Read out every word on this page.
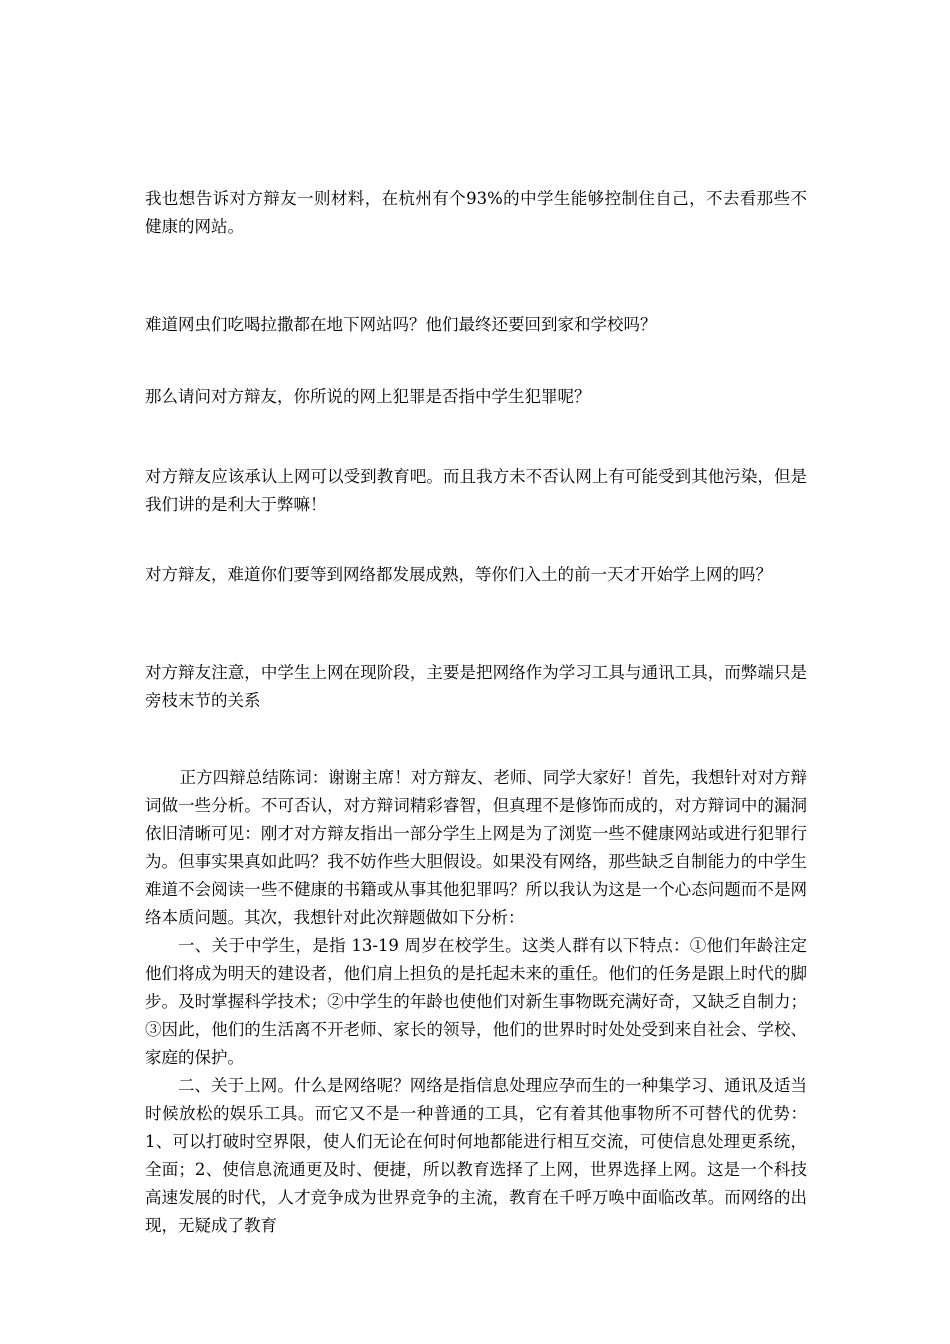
我也想告诉对方辩友一则材料，在杭州有个93%的中学生能够控制住自己，不去看那些不健康的网站。

难道网虫们吃喝拉撒都在地下网站吗？他们最终还要回到家和学校吗？

那么请问对方辩友，你所说的网上犯罪是否指中学生犯罪呢？

对方辩友应该承认上网可以受到教育吧。而且我方未不否认网上有可能受到其他污染，但是我们讲的是利大于弊嘛！

对方辩友，难道你们要等到网络都发展成熟，等你们入土的前一天才开始学上网的吗？

对方辩友注意，中学生上网在现阶段，主要是把网络作为学习工具与通讯工具，而弊端只是旁枝末节的关系

正方四辩总结陈词：谢谢主席！对方辩友、老师、同学大家好！首先，我想针对对方辩词做一些分析。不可否认，对方辩词精彩睿智，但真理不是修饰而成的，对方辩词中的漏洞依旧清晰可见：刚才对方辩友指出一部分学生上网是为了浏览一些不健康网站或进行犯罪行为。但事实果真如此吗？我不妨作些大胆假设。如果没有网络，那些缺乏自制能力的中学生难道不会阅读一些不健康的书籍或从事其他犯罪吗？所以我认为这是一个心态问题而不是网络本质问题。其次，我想针对此次辩题做如下分析：

一、关于中学生，是指 13-19 周岁在校学生。这类人群有以下特点：①他们年龄注定他们将成为明天的建设者，他们肩上担负的是托起未来的重任。他们的任务是跟上时代的脚步。及时掌握科学技术；②中学生的年龄也使他们对新生事物既充满好奇，又缺乏自制力；③因此，他们的生活离不开老师、家长的领导，他们的世界时时处处受到来自社会、学校、家庭的保护。

二、关于上网。什么是网络呢？网络是指信息处理应孕而生的一种集学习、通讯及适当时候放松的娱乐工具。而它又不是一种普通的工具，它有着其他事物所不可替代的优势：1、可以打破时空界限，使人们无论在何时何地都能进行相互交流，可使信息处理更系统，全面；2、使信息流通更及时、便捷，所以教育选择了上网，世界选择上网。这是一个科技高速发展的时代，人才竞争成为世界竞争的主流，教育在千呼万唤中面临改革。而网络的出现，无疑成了教育
